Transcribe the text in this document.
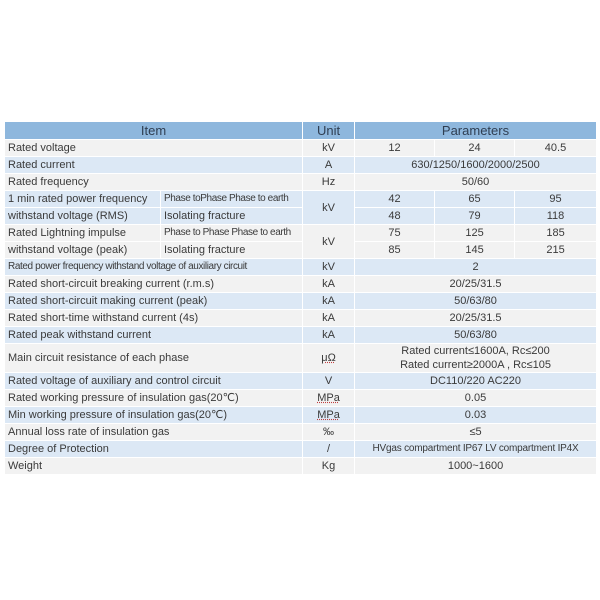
Item		Unit	Parameters		
Rated voltage		kV	12	24	40.5
Rated current		A	630/1250/1600/2000/2500		
Rated frequency		Hz	50/60		
1 min rated power frequency	Phase toPhase Phase to earth	kV	42	65	95
withstand voltage (RMS)	Isolating fracture		48	79	118
Rated Lightning impulse	Phase to Phase Phase to earth	kV	75	125	185
withstand voltage (peak)	Isolating fracture		85	145	215
Rated power frequency withstand voltage of auxiliary circuit		kV	2		
Rated short-circuit breaking current (r.m.s)		kA	20/25/31.5		
Rated short-circuit making current (peak)		kA	50/63/80		
Rated short-time withstand current (4s)		kA	20/25/31.5		
Rated peak withstand current		kA	50/63/80		
Main circuit resistance of each phase		μΩ	Rated current≤1600A, Rc≤200
Rated current≥2000A , Rc≤105		

Rated voltage of auxiliary and control circuit		V	DC110/220 AC220		
Rated working pressure of insulation gas(20℃)		MPa	0.05		
Min working pressure of insulation gas(20℃)		MPa	0.03		
Annual loss rate of insulation gas		‰	≤5		
Degree of Protection		/	HVgas compartment IP67 LV compartment IP4X		
Weight		Kg	1000~1600		
